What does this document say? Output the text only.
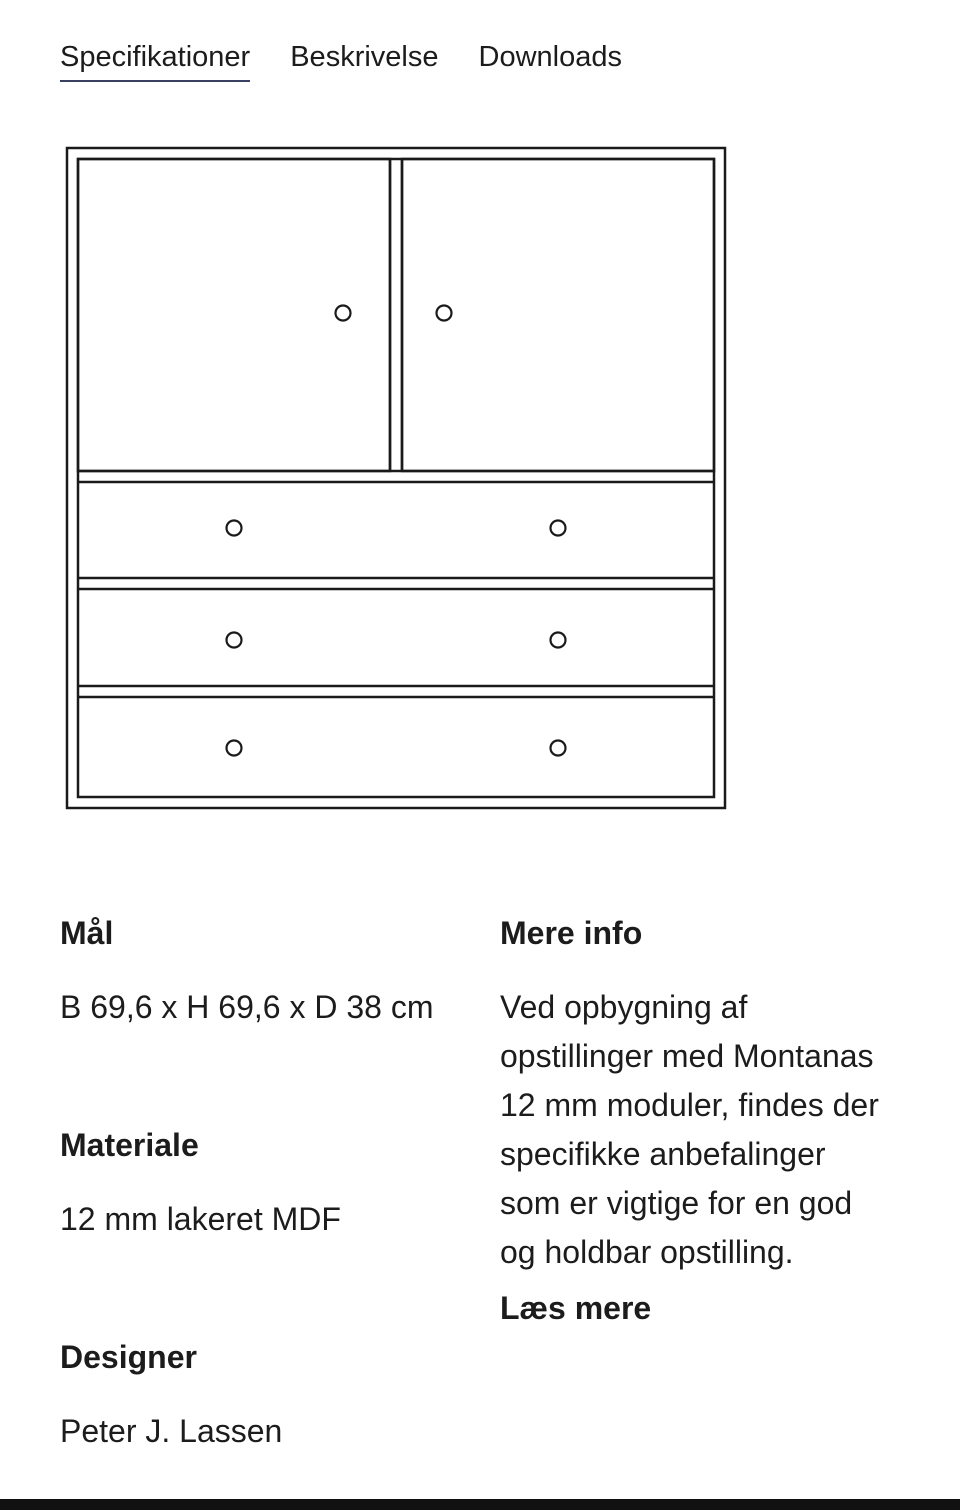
Specifikationer Beskrivelse Downloads
Mål
B 69,6 x H 69,6 x D 38 cm
Materiale
12 mm lakeret MDF
Designer
Peter J. Lassen
Mere info
Ved opbygning af
opstillinger med Montanas
12 mm moduler, findes der
specifikke anbefalinger
som er vigtige for en god
og holdbar opstilling.
Læs mere
